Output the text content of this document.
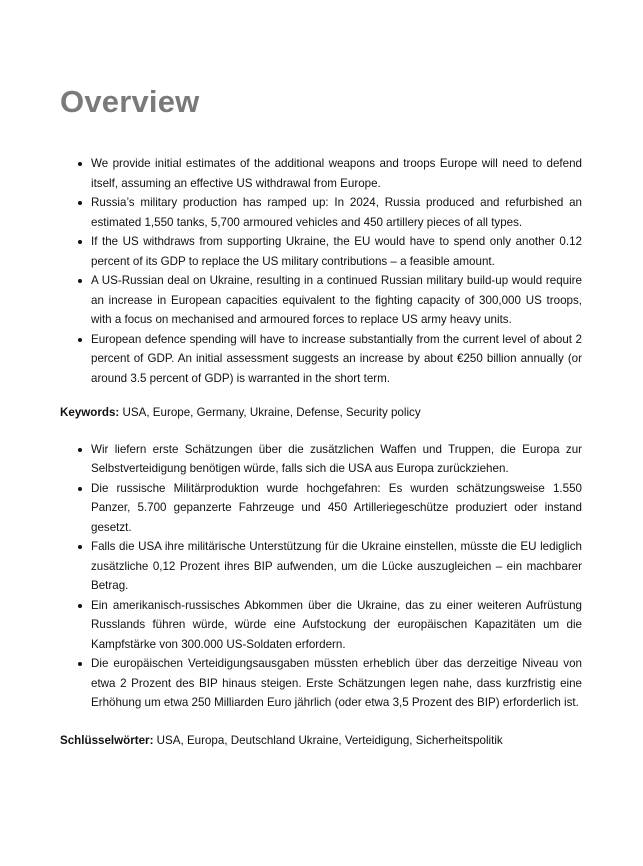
Overview
We provide initial estimates of the additional weapons and troops Europe will need to defend itself, assuming an effective US withdrawal from Europe.
Russia’s military production has ramped up: In 2024, Russia produced and refurbished an estimated 1,550 tanks, 5,700 armoured vehicles and 450 artillery pieces of all types.
If the US withdraws from supporting Ukraine, the EU would have to spend only another 0.12 percent of its GDP to replace the US military contributions – a feasible amount.
A US-Russian deal on Ukraine, resulting in a continued Russian military build-up would require an increase in European capacities equivalent to the fighting capacity of 300,000 US troops, with a focus on mechanised and armoured forces to replace US army heavy units.
European defence spending will have to increase substantially from the current level of about 2 percent of GDP. An initial assessment suggests an increase by about €250 billion annually (or around 3.5 percent of GDP) is warranted in the short term.
Keywords: USA, Europe, Germany, Ukraine, Defense, Security policy
Wir liefern erste Schätzungen über die zusätzlichen Waffen und Truppen, die Europa zur Selbstverteidigung benötigen würde, falls sich die USA aus Europa zurückziehen.
Die russische Militärproduktion wurde hochgefahren: Es wurden schätzungsweise 1.550 Panzer, 5.700 gepanzerte Fahrzeuge und 450 Artilleriegeschütze produziert oder instand gesetzt.
Falls die USA ihre militärische Unterstützung für die Ukraine einstellen, müsste die EU lediglich zusätzliche 0,12 Prozent ihres BIP aufwenden, um die Lücke auszugleichen – ein machbarer Betrag.
Ein amerikanisch-russisches Abkommen über die Ukraine, das zu einer weiteren Aufrüstung Russlands führen würde, würde eine Aufstockung der europäischen Kapazitäten um die Kampfstärke von 300.000 US-Soldaten erfordern.
Die europäischen Verteidigungsausgaben müssten erheblich über das derzeitige Niveau von etwa 2 Prozent des BIP hinaus steigen. Erste Schätzungen legen nahe, dass kurzfristig eine Erhöhung um etwa 250 Milliarden Euro jährlich (oder etwa 3,5 Prozent des BIP) erforderlich ist.
Schlüsselwörter: USA, Europa, Deutschland Ukraine, Verteidigung, Sicherheitspolitik
